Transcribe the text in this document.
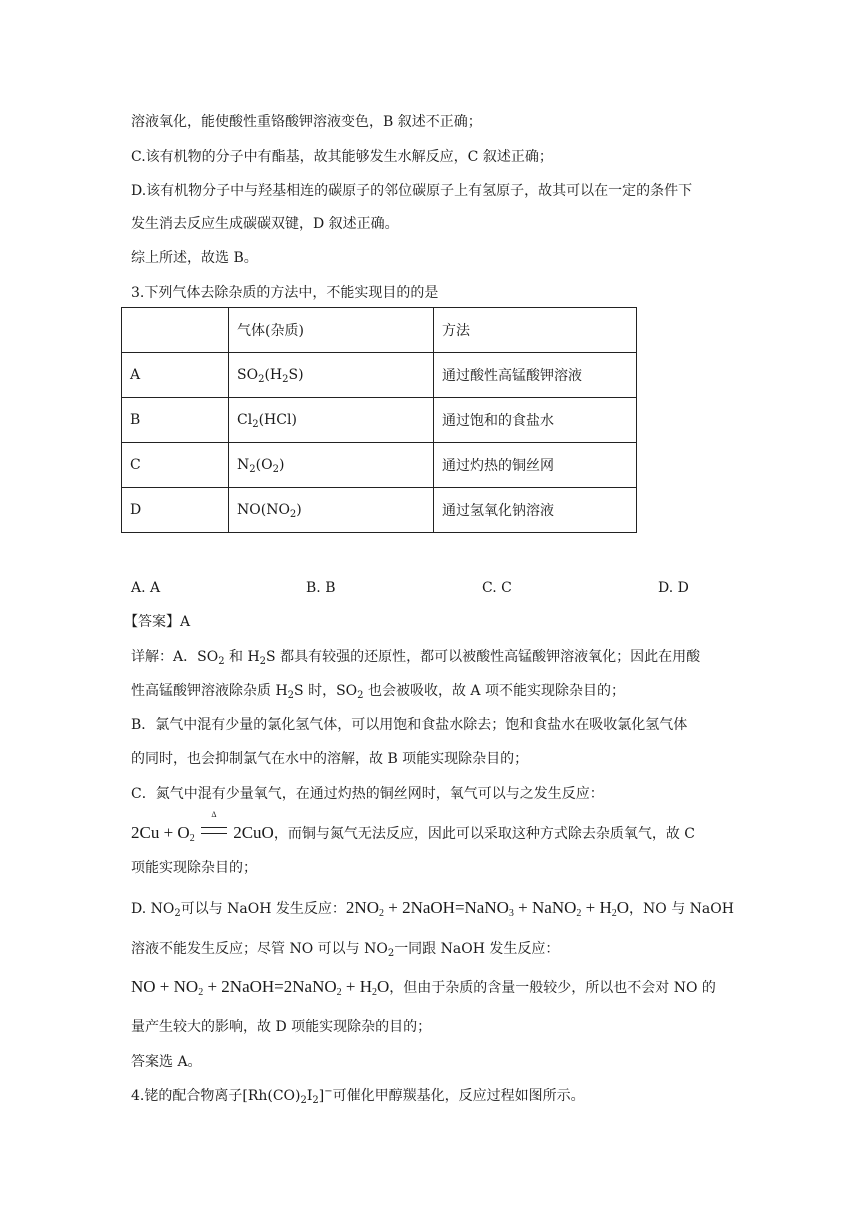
溶液氧化，能使酸性重铬酸钾溶液变色，B 叙述不正确；
C.该有机物的分子中有酯基，故其能够发生水解反应，C 叙述正确；
D.该有机物分子中与羟基相连的碳原子的邻位碳原子上有氢原子，故其可以在一定的条件下
发生消去反应生成碳碳双键，D 叙述正确。
综上所述，故选 B。
3.下列气体去除杂质的方法中，不能实现目的的是
	气体(杂质)	方法
A	$SO_2(H_2S)$	通过酸性高锰酸钾溶液
B	$Cl_2(HCl)$	通过饱和的食盐水
C	$N_2(O_2)$	通过灼热的铜丝网
D	$NO(NO_2)$	通过氢氧化钠溶液
A. A	B. B	C. C	D. D
【答案】A
详解：A．$SO_2$ 和 $H_2S$ 都具有较强的还原性，都可以被酸性高锰酸钾溶液氧化；因此在用酸
性高锰酸钾溶液除杂质 $H_2S$ 时，$SO_2$ 也会被吸收，故 A 项不能实现除杂目的；
B．氯气中混有少量的氯化氢气体，可以用饱和食盐水除去；饱和食盐水在吸收氯化氢气体
的同时，也会抑制氯气在水中的溶解，故 B 项能实现除杂目的；
C．氮气中混有少量氧气，在通过灼热的铜丝网时，氧气可以与之发生反应：
$2Cu + O_2$
Δ
2CuO，而铜与氮气无法反应，因此可以采取这种方式除去杂质氧气，故 C
项能实现除杂目的；
D. $NO_2$可以与 NaOH 发生反应：$2NO_2$ + 2NaOH=NaNO$_3$ + NaNO$_2$ + $H_2O$，NO 与 NaOH
溶液不能发生反应；尽管 NO 可以与 $NO_2$一同跟 NaOH 发生反应：
NO + $NO_2$ + 2NaOH=2NaNO$_2$ + $H_2O$，但由于杂质的含量一般较少，所以也不会对 NO 的
量产生较大的影响，故 D 项能实现除杂的目的；
答案选 A。
4.铑的配合物离子$[Rh(CO)_2I_2]^-$可催化甲醇羰基化，反应过程如图所示。
